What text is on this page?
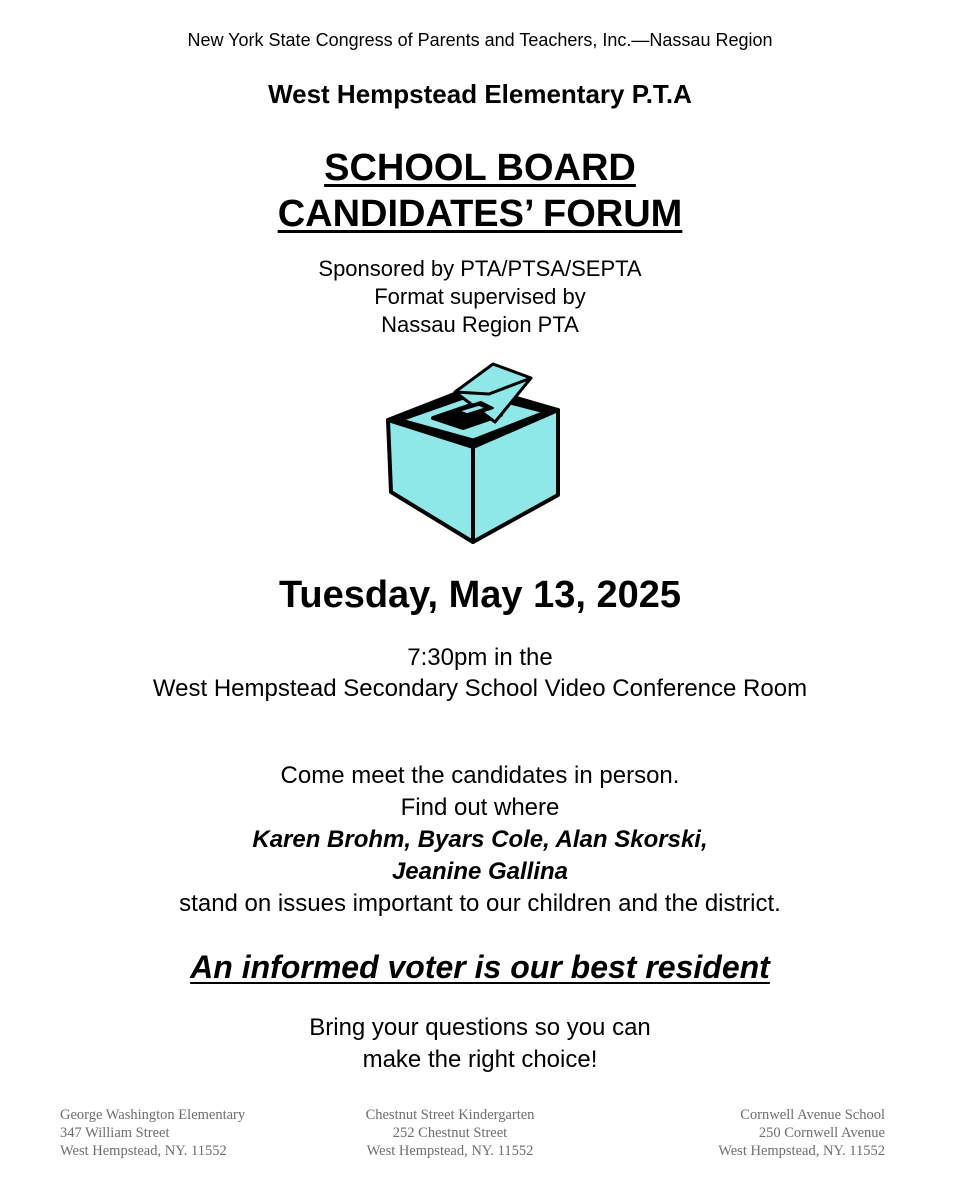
New York State Congress of Parents and Teachers, Inc.—Nassau Region
West Hempstead Elementary P.T.A
SCHOOL BOARD
CANDIDATES’ FORUM
Sponsored by PTA/PTSA/SEPTA
Format supervised by
Nassau Region PTA
Tuesday, May 13, 2025
7:30pm in the
West Hempstead Secondary School Video Conference Room
Come meet the candidates in person.
Find out where
Karen Brohm, Byars Cole, Alan Skorski,
Jeanine Gallina
stand on issues important to our children and the district.
An informed voter is our best resident
Bring your questions so you can
make the right choice!
George Washington Elementary
347 William Street
West Hempstead, NY. 11552
Chestnut Street Kindergarten
252 Chestnut Street
West Hempstead, NY. 11552
Cornwell Avenue School
250 Cornwell Avenue
West Hempstead, NY. 11552
